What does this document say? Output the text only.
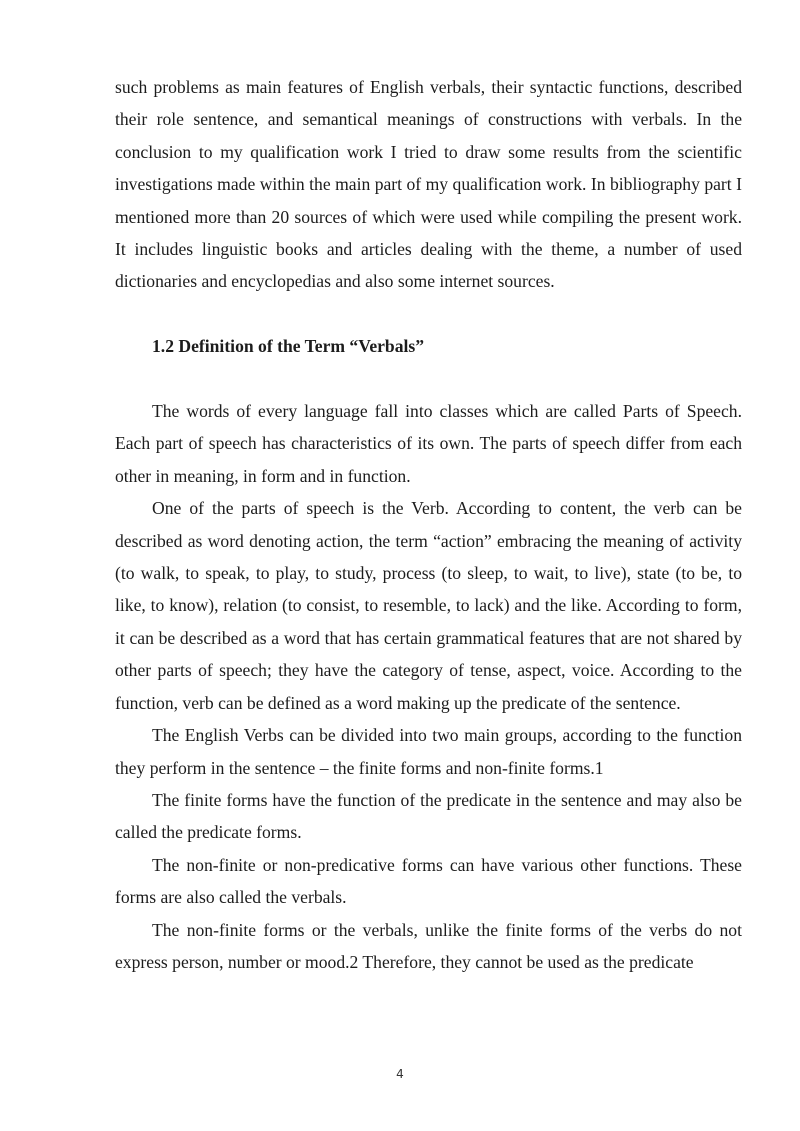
such problems as main features of English verbals, their syntactic functions, described their role sentence, and semantical meanings of constructions with verbals. In the conclusion to my qualification work I tried to draw some results from the scientific investigations made within the main part of my qualification work. In bibliography part I mentioned more than 20 sources of which were used while compiling the present work. It includes linguistic books and articles dealing with the theme, a number of used dictionaries and encyclopedias and also some internet sources.

1.2 Definition of the Term “Verbals”

The words of every language fall into classes which are called Parts of Speech. Each part of speech has characteristics of its own. The parts of speech differ from each other in meaning, in form and in function.

One of the parts of speech is the Verb. According to content, the verb can be described as word denoting action, the term “action” embracing the meaning of activity (to walk, to speak, to play, to study, process (to sleep, to wait, to live), state (to be, to like, to know), relation (to consist, to resemble, to lack) and the like. According to form, it can be described as a word that has certain grammatical features that are not shared by other parts of speech; they have the category of tense, aspect, voice. According to the function, verb can be defined as a word making up the predicate of the sentence.

The English Verbs can be divided into two main groups, according to the function they perform in the sentence – the finite forms and non-finite forms.1

The finite forms have the function of the predicate in the sentence and may also be called the predicate forms.

The non-finite or non-predicative forms can have various other functions. These forms are also called the verbals.

The non-finite forms or the verbals, unlike the finite forms of the verbs do not express person, number or mood.2 Therefore, they cannot be used as the predicate

4
